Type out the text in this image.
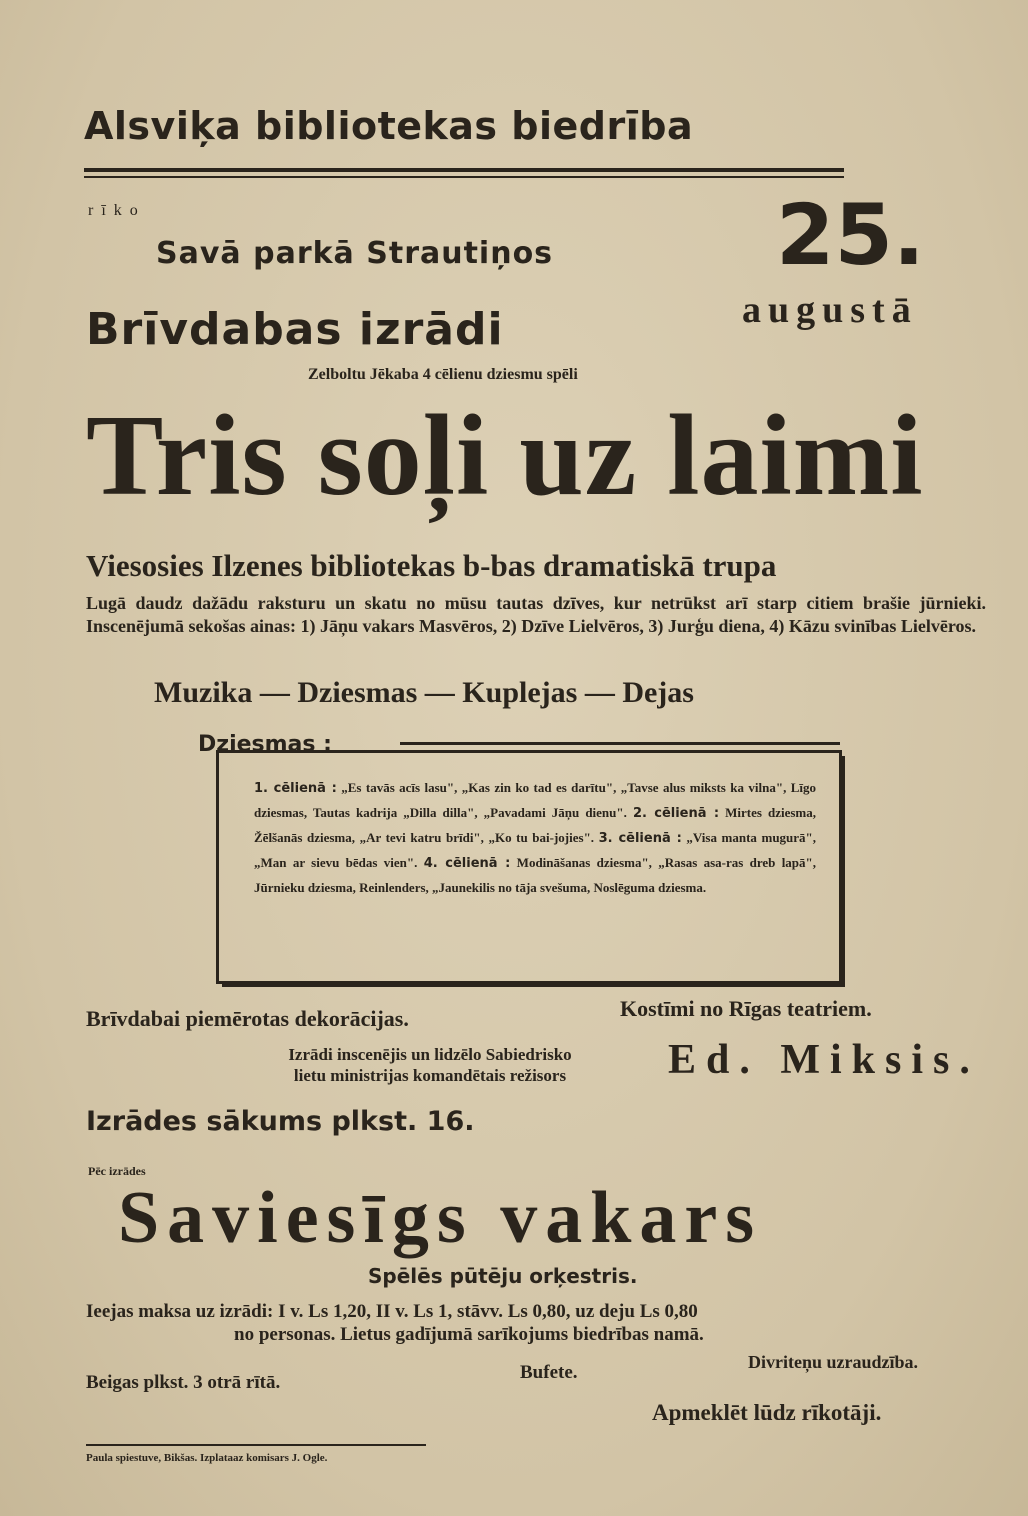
Alsviķa bibliotekas biedrība
rīko
Savā parkā Strautiņos	25.
augustā
Brīvdabas izrādi
Zelboltu Jēkaba 4 cēlienu dziesmu spēli
Tris soļi uz laimi
Viesosies Ilzenes bibliotekas b-bas dramatiskā trupa
Lugā daudz dažādu raksturu un skatu no mūsu tautas dzīves, kur netrūkst arī starp citiem brašie jūrnieki. Inscenējumā sekošas ainas: 1) Jāņu vakars Masvēros, 2) Dzīve Lielvēros, 3) Jurģu diena, 4) Kāzu svinības Lielvēros.
Muzika — Dziesmas — Kuplejas — Dejas
Dziesmas :
1. cēlienā : „Es tavās acīs lasu", „Kas zin ko tad es darītu", „Tavse alus miksts ka vilna", Līgo dziesmas, Tautas kadrija „Dilla dilla", „Pavadami Jāņu dienu". 2. cēlienā : Mirtes dziesma, Žēlšanās dziesma, „Ar tevi katru brīdi", „Ko tu bai-jojies". 3. cēlienā : „Visa manta mugurā", „Man ar sievu bēdas vien". 4. cēlienā : Modināšanas dziesma", „Rasas asa-ras dreb lapā", Jūrnieku dziesma, Reinlenders, „Jaunekilis no tāja svešuma, Noslēguma dziesma.
Brīvdabai piemērotas dekorācijas.	Kostīmi no Rīgas teatriem.
Izrādi inscenējis un lidzēlo Sabiedrisko
lietu ministrijas komandētais režisors	Ed. Miksis.
Izrādes sākums plkst. 16.
Pēc izrādes
Saviesīgs vakars
Spēlēs pūtēju orķestris.
Ieejas maksa uz izrādi: I v. Ls 1,20, II v. Ls 1, stāvv. Ls 0,80, uz deju Ls 0,80
no personas. Lietus gadījumā sarīkojums biedrības namā.
Beigas plkst. 3 otrā rītā.	Bufete.	Divriteņu uzraudzība.
Apmeklēt lūdz rīkotāji.
Paula spiestuve, Bikšas. Izplataaz komisars J. Ogle.
